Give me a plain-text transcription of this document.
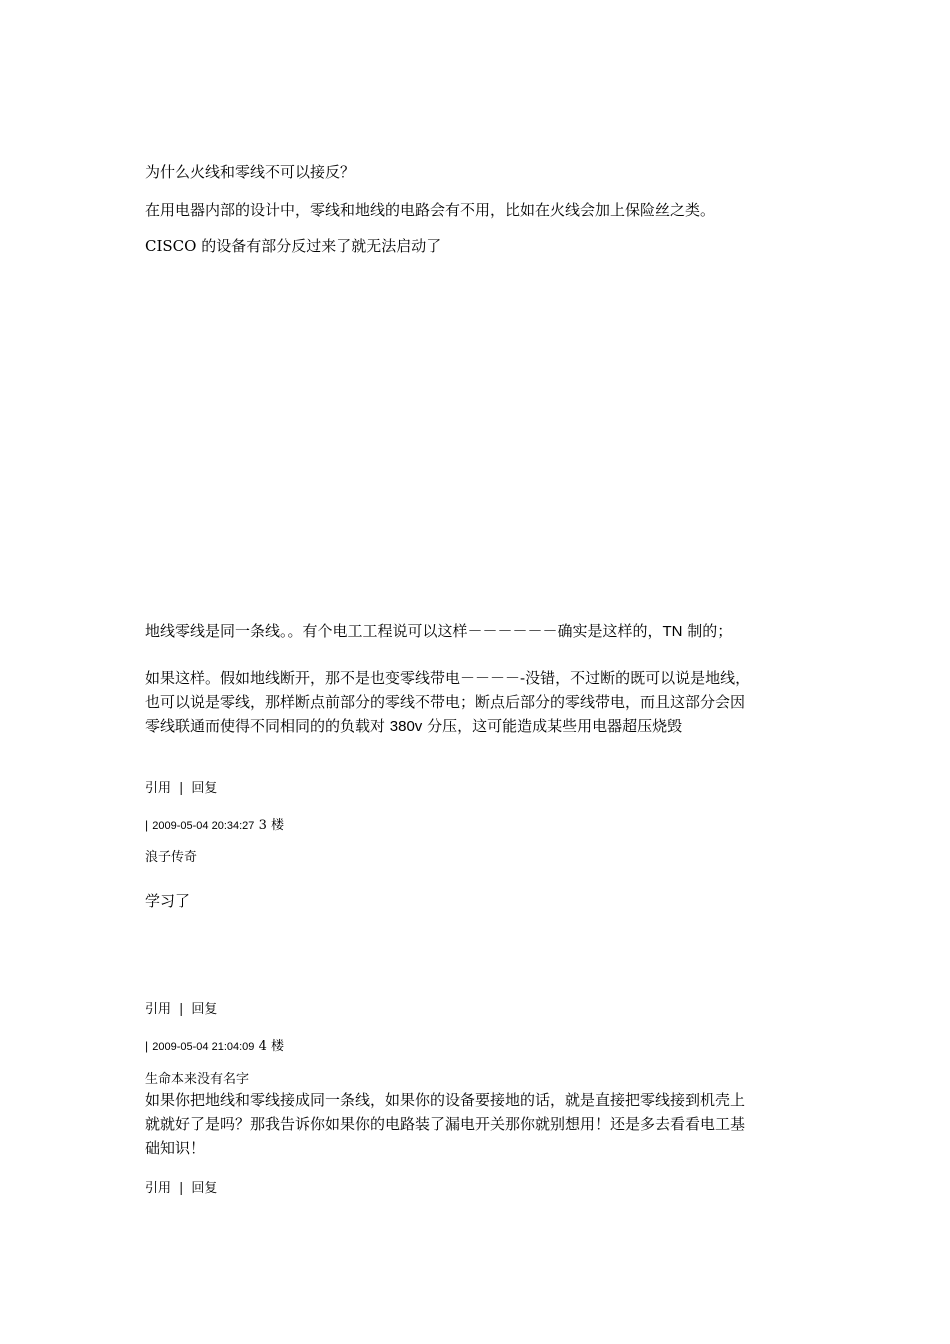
为什么火线和零线不可以接反？

在用电器内部的设计中，零线和地线的电路会有不用，比如在火线会加上保险丝之类。

CISCO 的设备有部分反过来了就无法启动了

地线零线是同一条线。。有个电工工程说可以这样－－－－－－确实是这样的，TN 制的；

如果这样。假如地线断开，那不是也变零线带电－－－－-没错，不过断的既可以说是地线，

也可以说是零线，那样断点前部分的零线不带电；断点后部分的零线带电，而且这部分会因

零线联通而使得不同相同的的负载对 380v 分压，这可能造成某些用电器超压烧毁

引用 | 回复
| 2009-05-04 20:34:27 3 楼
浪子传奇

学习了

引用 | 回复
| 2009-05-04 21:04:09 4 楼
生命本来没有名字

如果你把地线和零线接成同一条线，如果你的设备要接地的话，就是直接把零线接到机壳上

就就好了是吗？那我告诉你如果你的电路装了漏电开关那你就别想用！还是多去看看电工基

础知识！

引用 | 回复
